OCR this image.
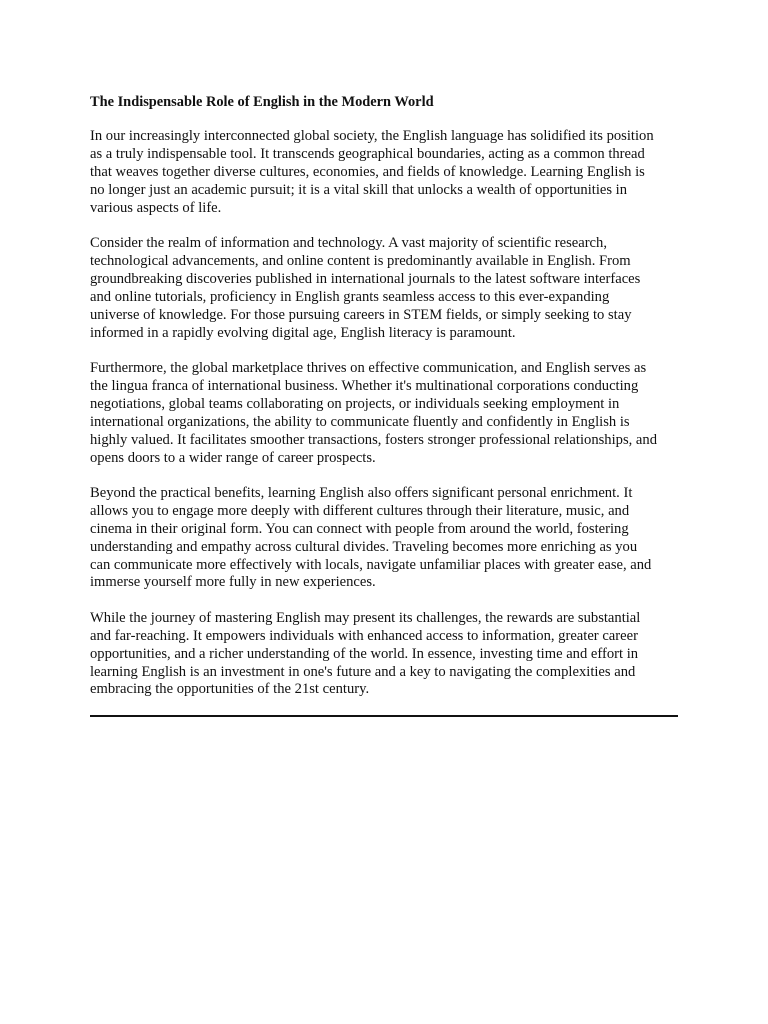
The Indispensable Role of English in the Modern World

In our increasingly interconnected global society, the English language has solidified its position
as a truly indispensable tool. It transcends geographical boundaries, acting as a common thread
that weaves together diverse cultures, economies, and fields of knowledge. Learning English is
no longer just an academic pursuit; it is a vital skill that unlocks a wealth of opportunities in
various aspects of life.

Consider the realm of information and technology. A vast majority of scientific research,
technological advancements, and online content is predominantly available in English. From
groundbreaking discoveries published in international journals to the latest software interfaces
and online tutorials, proficiency in English grants seamless access to this ever-expanding
universe of knowledge. For those pursuing careers in STEM fields, or simply seeking to stay
informed in a rapidly evolving digital age, English literacy is paramount.

Furthermore, the global marketplace thrives on effective communication, and English serves as
the lingua franca of international business. Whether it's multinational corporations conducting
negotiations, global teams collaborating on projects, or individuals seeking employment in
international organizations, the ability to communicate fluently and confidently in English is
highly valued. It facilitates smoother transactions, fosters stronger professional relationships, and
opens doors to a wider range of career prospects.

Beyond the practical benefits, learning English also offers significant personal enrichment. It
allows you to engage more deeply with different cultures through their literature, music, and
cinema in their original form. You can connect with people from around the world, fostering
understanding and empathy across cultural divides. Traveling becomes more enriching as you
can communicate more effectively with locals, navigate unfamiliar places with greater ease, and
immerse yourself more fully in new experiences.

While the journey of mastering English may present its challenges, the rewards are substantial
and far-reaching. It empowers individuals with enhanced access to information, greater career
opportunities, and a richer understanding of the world. In essence, investing time and effort in
learning English is an investment in one's future and a key to navigating the complexities and
embracing the opportunities of the 21st century.
